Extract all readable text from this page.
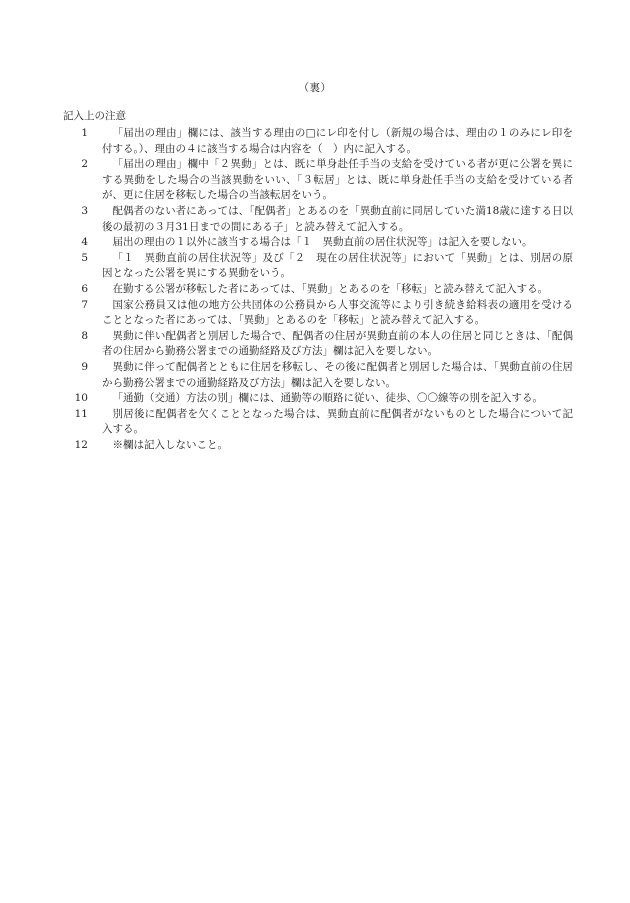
（裏）
記入上の注意
1	「届出の理由」欄には、該当する理由の□にレ印を付し（新規の場合は、理由の１のみにレ印を付する。）、理由の４に該当する場合は内容を（　）内に記入する。
2	「届出の理由」欄中「２異動」とは、既に単身赴任手当の支給を受けている者が更に公署を異にする異動をした場合の当該異動をいい、「３転居」とは、既に単身赴任手当の支給を受けている者が、更に住居を移転した場合の当該転居をいう。
3	配偶者のない者にあっては、「配偶者」とあるのを「異動直前に同居していた満18歳に達する日以後の最初の３月31日までの間にある子」と読み替えて記入する。
4	届出の理由の１以外に該当する場合は「１　異動直前の居住状況等」は記入を要しない。
5	「１　異動直前の居住状況等」及び「２　現在の居住状況等」において「異動」とは、別居の原因となった公署を異にする異動をいう。
6	在勤する公署が移転した者にあっては、「異動」とあるのを「移転」と読み替えて記入する。
7	国家公務員又は他の地方公共団体の公務員から人事交流等により引き続き給料表の適用を受けることとなった者にあっては、「異動」とあるのを「移転」と読み替えて記入する。
8	異動に伴い配偶者と別居した場合で、配偶者の住居が異動直前の本人の住居と同じときは、「配偶者の住居から勤務公署までの通勤経路及び方法」欄は記入を要しない。
9	異動に伴って配偶者とともに住居を移転し、その後に配偶者と別居した場合は、「異動直前の住居から勤務公署までの通勤経路及び方法」欄は記入を要しない。
10	「通勤（交通）方法の別」欄には、通勤等の順路に従い、徒歩、〇〇線等の別を記入する。
11	別居後に配偶者を欠くこととなった場合は、異動直前に配偶者がないものとした場合について記入する。
12	※欄は記入しないこと。
